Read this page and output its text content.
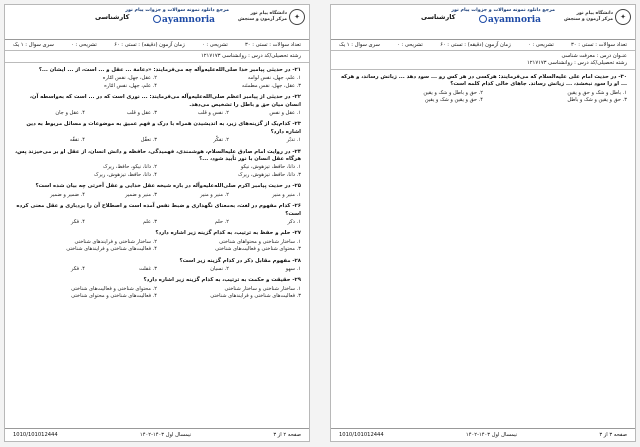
✦
دانشگاه پیام نور
مرکز آزمون و سنجش
مرجع دانلود نمونه سوالات و جزوات پیام نور
ayamnoria
کارشناسی
تعداد سوالات : تستی : ۳۰
تشریحی : ۰
زمان آزمون (دقیقه) : تستی : ۶۰
تشریحی : ۰
سری سوال : ۱ یک
رشته تحصیلی/کد درس : روانشناسی ۱۲۱۷۱۷۳
۲۱- در حدیثی پیامبر خدا صلی‌الله‌علیه‌وآله چه می‌فرمایند: «دعامة ... عقل و ... است، از ... ایشان ...؟
۱. علم، جهل، نفس لوامه
۲. عقل، جهل، نفس امّاره
۳. عقل، جهل، نفس مطمئنه
۴. علم، جهل، نفس امّاره
۲۲- در حدیثی از پیامبر اعظم صلی‌الله‌علیه‌وآله می‌فرمایند: ... نوری است که در ... است که به‌واسطه آن، انسان میان حق و باطل را تشخیص می‌دهد.
۱. عقل و نفس
۲. نفس و قلب
۳. عقل و قلب
۴. عقل و جان
۲۳- کدام‌یک از گزینه‌های زیر، به اندیشیدن همراه با درک و فهم عمیق به موضوعات و مسائل مربوط به دین اشاره دارد؟
۱. تدبّر
۲. تفکّر
۳. تعقّل
۴. تفقّه
۲۴- در روایت امام صادق علیه‌السلام، هوشمندی، فهمیدگی، حافظه و دانش انسان، از عقل او بر می‌خیزند پس، هرگاه عقل انسان با نور تأیید شود، ...؟
۱. دانا، حافظ، تیزهوش، نیکو
۲. دانا، نیکو، حافظ، زیرک
۳. دانا، حافظ، تیزهوش، زیرک
۴. دانا، حافظ، تیزهوش، زیرک
۲۵- در حدیث پیامبر اکرم صلی‌الله‌علیه‌وآله در باره شیخه عقل خدایی و عقل آخرتی چه بیان شده است؟
۱. منیر و منیر
۲. منیر و منیر
۳. منیر و ضمیر
۴. ضمیر و ضمیر
۲۶- کدام مفهوم در لغت، به‌معنای نگهداری و ضبط نفس آمده است و اصطلاح آن را بردباری و عقل معنی کرده است؟
۱. ذکر
۲. حلم
۳. علم
۴. فکر
۲۷- حلم و حفظ به ترتیب، به کدام گزینه زیر اشاره دارد؟
۱. ساختار شناختی و محتواهای شناختی
۲. ساختار شناختی و فرایندهای شناختی
۳. محتوای شناختی و فعالیت‌های شناختی
۴. فعالیت‌های شناختی و فرایندهای شناختی
۲۸- مفهوم مقابل ذکر در کدام گزینه زیر است؟
۱. سهو
۲. نسیان
۳. غفلت
۴. فکر
۲۹- حقیقت و حکمت به ترتیب، به کدام گزینه زیر اشاره دارد؟
۱. ساختار شناختی و ساختار شناختی
۲. محتوای شناختی و فعالیت‌های شناختی
۳. فعالیت‌های شناختی و فرایندهای شناختی
۴. فعالیت‌های شناختی و محتوای شناختی
صفحه ۲ از ۳
نیمسال اول ۱۴۰۳-۱۴۰۲
1010/101012444
✦
دانشگاه پیام نور
مرکز آزمون و سنجش
مرجع دانلود نمونه سوالات و جزوات پیام نور
ayamnoria
کارشناسی
تعداد سوالات : تستی : ۳۰
تشریحی : ۰
زمان آزمون (دقیقه) : تستی : ۶۰
تشریحی : ۰
سری سوال : ۱ یک
عنـوان درس : معرفت شناسی
رشته تحصیلی/کد درس : روانشناسی ۱۲۱۷۱۷۳
۳۰- در حدیث امام علی علیه‌السلام که می‌فرمایند: هرکسی در هر کس رو ... سود دهد ... زبانش رساند، و هرکه ... او را سود نبخشد، ... زیانش رساند. جاهای خالی کدام کلمه است؟
۱. باطل و شک و حق و یقین
۲. حق و باطل و شک و یقین
۳. حق و یقین و شک و باطل
۴. حق و یقین و شک و یقین
صفحه ۳ از ۳
نیمسال اول ۱۴۰۳-۱۴۰۲
1010/101012444
